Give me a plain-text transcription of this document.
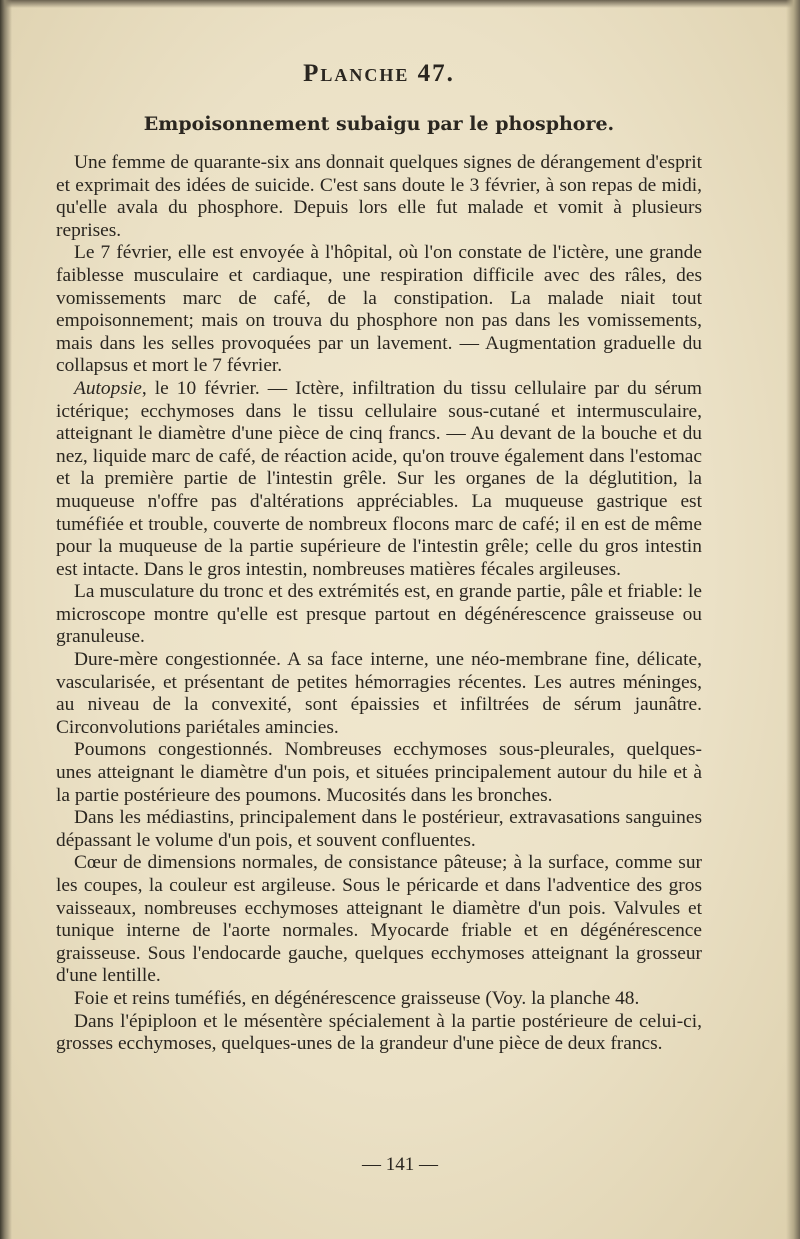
Planche 47.
Empoisonnement subaigu par le phosphore.

Une femme de quarante-six ans donnait quelques signes de dérangement d'esprit et exprimait des idées de suicide. C'est sans doute le 3 février, à son repas de midi, qu'elle avala du phosphore. Depuis lors elle fut malade et vomit à plusieurs reprises.

Le 7 février, elle est envoyée à l'hôpital, où l'on constate de l'ictère, une grande faiblesse musculaire et cardiaque, une respiration difficile avec des râles, des vomissements marc de café, de la constipation. La malade niait tout empoisonnement; mais on trouva du phosphore non pas dans les vomissements, mais dans les selles provoquées par un lavement. — Augmentation graduelle du collapsus et mort le 7 février.

Autopsie, le 10 février. — Ictère, infiltration du tissu cellulaire par du sérum ictérique; ecchymoses dans le tissu cellulaire sous-cutané et intermusculaire, atteignant le diamètre d'une pièce de cinq francs. — Au devant de la bouche et du nez, liquide marc de café, de réaction acide, qu'on trouve également dans l'estomac et la première partie de l'intestin grêle. Sur les organes de la déglutition, la muqueuse n'offre pas d'altérations appréciables. La muqueuse gastrique est tuméfiée et trouble, couverte de nombreux flocons marc de café; il en est de même pour la muqueuse de la partie supérieure de l'intestin grêle; celle du gros intestin est intacte. Dans le gros intestin, nombreuses matières fécales argileuses.

La musculature du tronc et des extrémités est, en grande partie, pâle et friable: le microscope montre qu'elle est presque partout en dégénérescence graisseuse ou granuleuse.

Dure-mère congestionnée. A sa face interne, une néo-membrane fine, délicate, vascularisée, et présentant de petites hémorragies récentes. Les autres méninges, au niveau de la convexité, sont épaissies et infiltrées de sérum jaunâtre. Circonvolutions pariétales amincies.

Poumons congestionnés. Nombreuses ecchymoses sous-pleurales, quelques-unes atteignant le diamètre d'un pois, et situées principalement autour du hile et à la partie postérieure des poumons. Mucosités dans les bronches.

Dans les médiastins, principalement dans le postérieur, extravasations sanguines dépassant le volume d'un pois, et souvent confluentes.

Cœur de dimensions normales, de consistance pâteuse; à la surface, comme sur les coupes, la couleur est argileuse. Sous le péricarde et dans l'adventice des gros vaisseaux, nombreuses ecchymoses atteignant le diamètre d'un pois. Valvules et tunique interne de l'aorte normales. Myocarde friable et en dégénérescence graisseuse. Sous l'endocarde gauche, quelques ecchymoses atteignant la grosseur d'une lentille.

Foie et reins tuméfiés, en dégénérescence graisseuse (Voy. la planche 48.

Dans l'épiploon et le mésentère spécialement à la partie postérieure de celui-ci, grosses ecchymoses, quelques-unes de la grandeur d'une pièce de deux francs.

— 141 —
